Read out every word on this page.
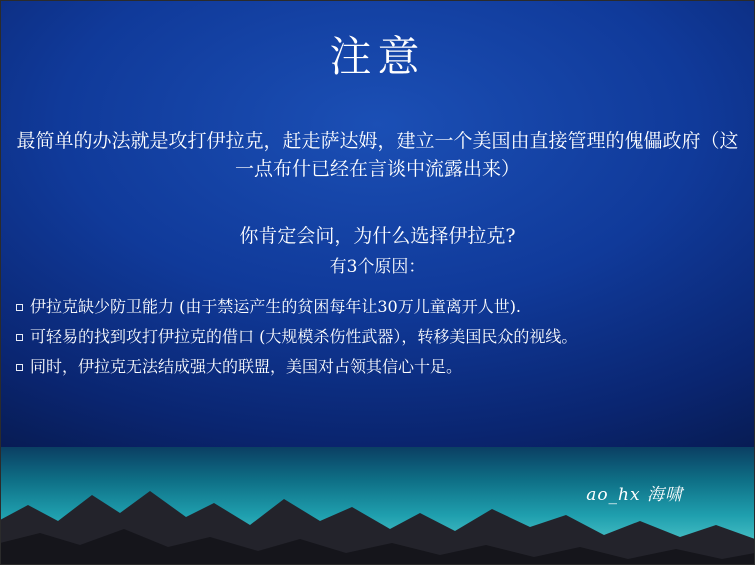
注意
最简单的办法就是攻打伊拉克，赶走萨达姆，建立一个美国由直接管理的傀儡政府（这一点布什已经在言谈中流露出来）
你肯定会问，为什么选择伊拉克?
有3个原因：
伊拉克缺少防卫能力 (由于禁运产生的贫困每年让30万儿童离开人世).
可轻易的找到攻打伊拉克的借口 (大规模杀伤性武器），转移美国民众的视线。
同时，伊拉克无法结成强大的联盟，美国对占领其信心十足。
ao_hx 海啸
